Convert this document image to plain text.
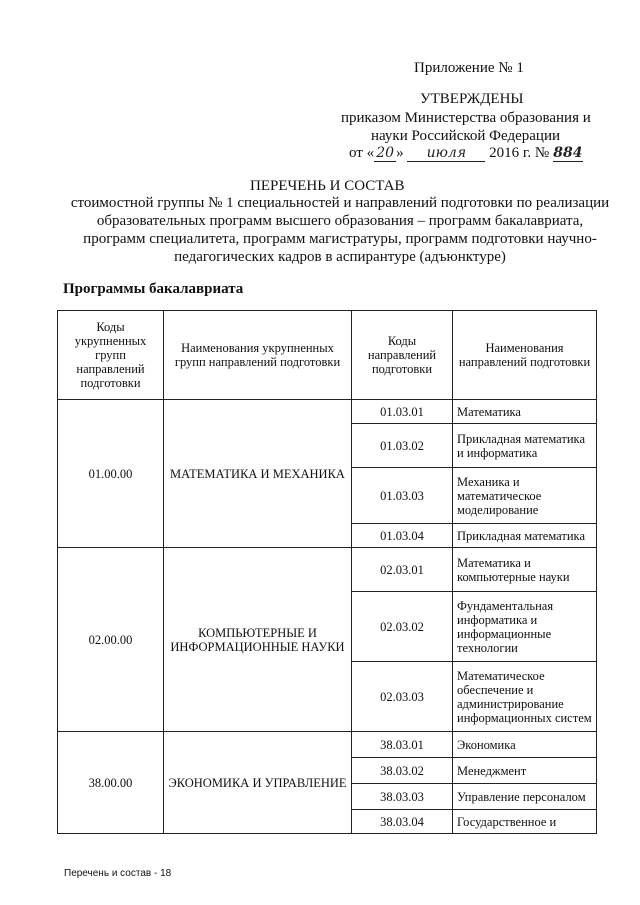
Приложение № 1
УТВЕРЖДЕНЫ
приказом Министерства образования и
науки Российской Федерации
от « 20 » июля 2016 г. № 884
ПЕРЕЧЕНЬ И СОСТАВ
стоимостной группы № 1 специальностей и направлений подготовки по реализации
образовательных программ высшего образования – программ бакалавриата,
программ специалитета, программ магистратуры, программ подготовки научно-
педагогических кадров в аспирантуре (адъюнктуре)
Программы бакалавриата
Коды укрупненных групп направлений подготовки	Наименования укрупненных групп направлений подготовки	Коды направлений подготовки	Наименования направлений подготовки
01.00.00	МАТЕМАТИКА И МЕХАНИКА	01.03.01	Математика
		01.03.02	Прикладная математика и информатика
		01.03.03	Механика и математическое моделирование
		01.03.04	Прикладная математика
02.00.00	КОМПЬЮТЕРНЫЕ И ИНФОРМАЦИОННЫЕ НАУКИ	02.03.01	Математика и компьютерные науки
		02.03.02	Фундаментальная информатика и информационные технологии
		02.03.03	Математическое обеспечение и администрирование информационных систем
38.00.00	ЭКОНОМИКА И УПРАВЛЕНИЕ	38.03.01	Экономика
		38.03.02	Менеджмент
		38.03.03	Управление персоналом
		38.03.04	Государственное и
Перечень и состав - 18
